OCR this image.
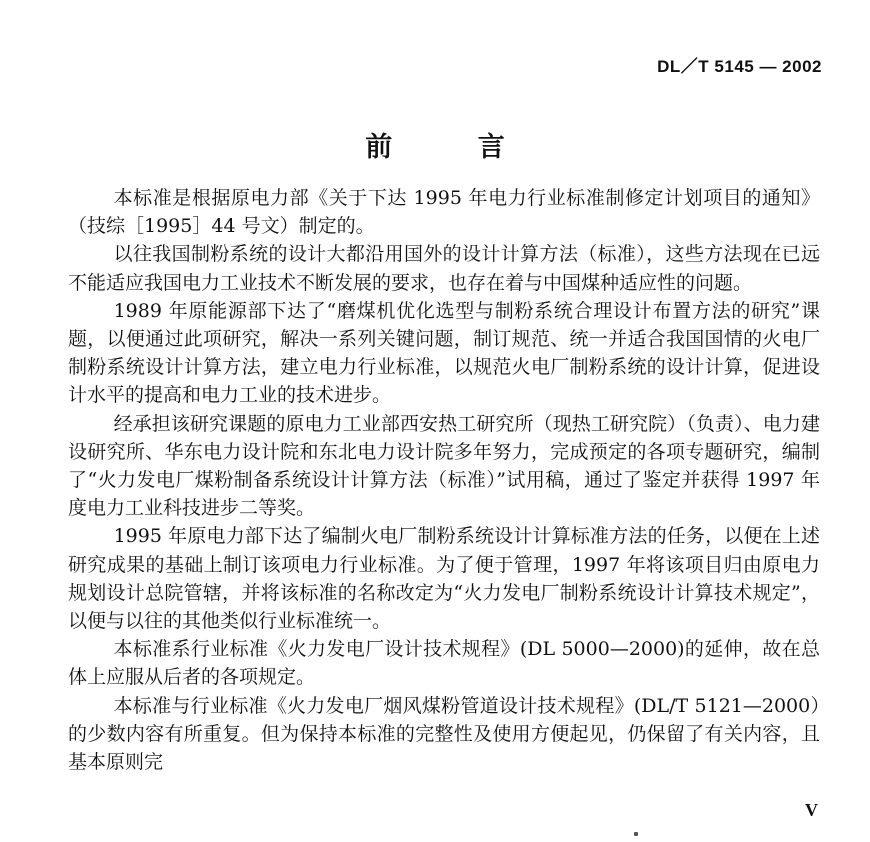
DL／T 5145 — 2002
前 言

本标准是根据原电力部《关于下达 1995 年电力行业标准制修定计划项目的通知》（技综［1995］44 号文）制定的。

以往我国制粉系统的设计大都沿用国外的设计计算方法（标准），这些方法现在已远不能适应我国电力工业技术不断发展的要求，也存在着与中国煤种适应性的问题。

1989 年原能源部下达了“磨煤机优化选型与制粉系统合理设计布置方法的研究”课题，以便通过此项研究，解决一系列关键问题，制订规范、统一并适合我国国情的火电厂制粉系统设计计算方法，建立电力行业标准，以规范火电厂制粉系统的设计计算，促进设计水平的提高和电力工业的技术进步。

经承担该研究课题的原电力工业部西安热工研究所（现热工研究院）（负责）、电力建设研究所、华东电力设计院和东北电力设计院多年努力，完成预定的各项专题研究，编制了“火力发电厂煤粉制备系统设计计算方法（标准）”试用稿，通过了鉴定并获得 1997 年度电力工业科技进步二等奖。

1995 年原电力部下达了编制火电厂制粉系统设计计算标准方法的任务，以便在上述研究成果的基础上制订该项电力行业标准。为了便于管理，1997 年将该项目归由原电力规划设计总院管辖，并将该标准的名称改定为“火力发电厂制粉系统设计计算技术规定”，以便与以往的其他类似行业标准统一。

本标准系行业标准《火力发电厂设计技术规程》(DL 5000—2000)的延伸，故在总体上应服从后者的各项规定。

本标准与行业标准《火力发电厂烟风煤粉管道设计技术规程》(DL/T 5121—2000）的少数内容有所重复。但为保持本标准的完整性及使用方便起见，仍保留了有关内容，且基本原则完

V
